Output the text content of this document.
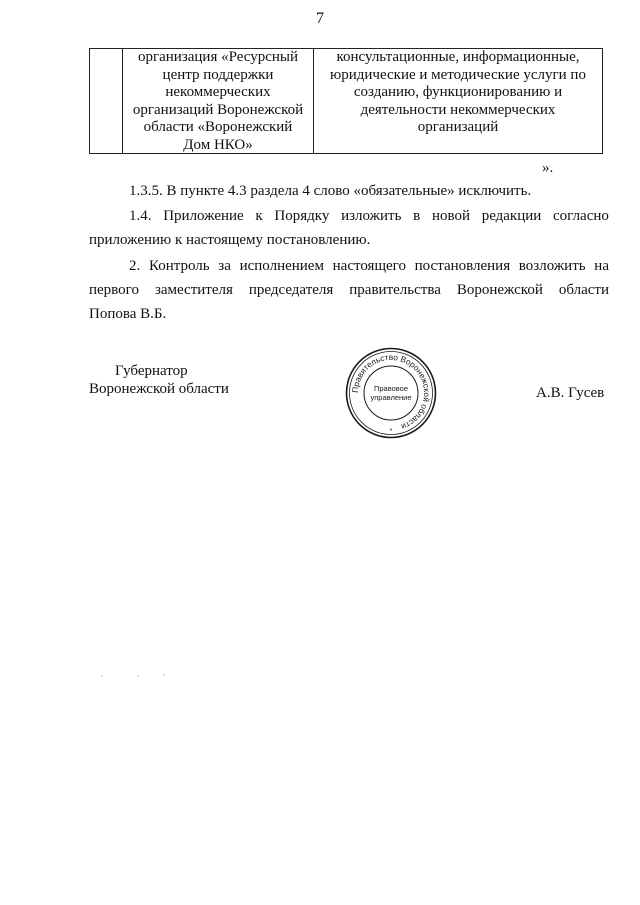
7
организация «Ресурсный
центр поддержки
некоммерческих
организаций Воронежской
области «Воронежский
Дом НКО»
консультационные, информационные,
юридические и методические услуги по
созданию, функционированию и
деятельности некоммерческих
организаций
».
1.3.5. В пункте 4.3 раздела 4 слово «обязательные» исключить.
1.4. Приложение к Порядку изложить в новой редакции согласно
приложению к настоящему постановлению.
2. Контроль за исполнением настоящего постановления возложить на
первого заместителя председателя правительства Воронежской области
Попова В.Б.
Губернатор
Воронежской области	Правительство Воронежской области
Правовое
управление
*
А.В. Гусев
